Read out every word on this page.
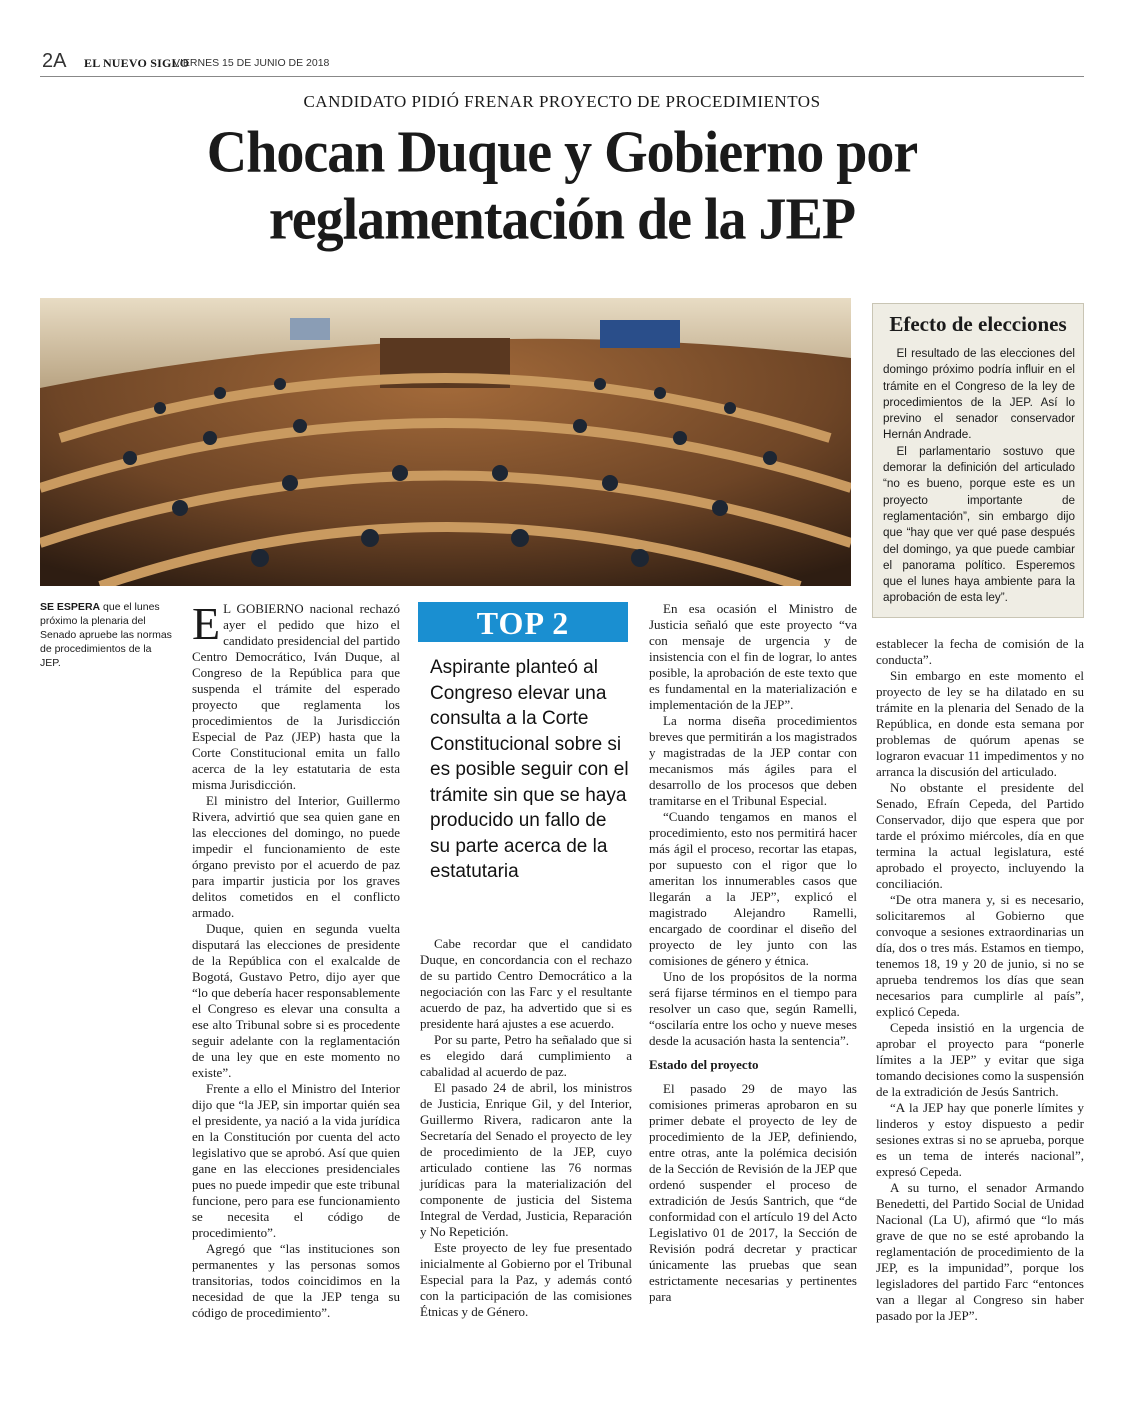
2A EL NUEVO SIGLO
VIERNES 15 DE JUNIO DE 2018
CANDIDATO PIDIÓ FRENAR PROYECTO DE PROCEDIMIENTOS
Chocan Duque y Gobierno por
reglamentación de la JEP
Efecto de elecciones

El resultado de las elecciones del domingo próximo podría influir en el trámite en el Congreso de la ley de procedimientos de la JEP. Así lo previno el senador conservador Hernán Andrade.

El parlamentario sostuvo que demorar la definición del articulado “no es bueno, porque este es un proyecto importante de reglamentación”, sin embargo dijo que “hay que ver qué pase después del domingo, ya que puede cambiar el panorama político. Esperemos que el lunes haya ambiente para la aprobación de esta ley”.

SE ESPERA que el lunes próximo la plenaria del Senado apruebe las normas de procedimientos de la JEP.

E L GOBIERNO nacional rechazó ayer el pedido que hizo el candidato presidencial del partido Centro Democrático, Iván Duque, al Congreso de la República para que suspenda el trámite del esperado proyecto que reglamenta los procedimientos de la Jurisdicción Especial de Paz (JEP) hasta que la Corte Constitucional emita un fallo acerca de la ley estatutaria de esta misma Jurisdicción.

El ministro del Interior, Guillermo Rivera, advirtió que sea quien gane en las elecciones del domingo, no puede impedir el funcionamiento de este órgano previsto por el acuerdo de paz para impartir justicia por los graves delitos cometidos en el conflicto armado.

Duque, quien en segunda vuelta disputará las elecciones de presidente de la República con el exalcalde de Bogotá, Gustavo Petro, dijo ayer que “lo que debería hacer responsablemente el Congreso es elevar una consulta a ese alto Tribunal sobre si es procedente seguir adelante con la reglamentación de una ley que en este momento no existe”.

Frente a ello el Ministro del Interior dijo que “la JEP, sin importar quién sea el presidente, ya nació a la vida jurídica en la Constitución por cuenta del acto legislativo que se aprobó. Así que quien gane en las elecciones presidenciales pues no puede impedir que este tribunal funcione, pero para ese funcionamiento se necesita el código de procedimiento”.

Agregó que “las instituciones son permanentes y las personas somos transitorias, todos coincidimos en la necesidad de que la JEP tenga su código de procedimiento”.

TOP 2
Aspirante planteó al Congreso elevar una consulta a la Corte Constitucional sobre si es posible seguir con el trámite sin que se haya producido un fallo de su parte acerca de la estatutaria

Cabe recordar que el candidato Duque, en concordancia con el rechazo de su partido Centro Democrático a la negociación con las Farc y el resultante acuerdo de paz, ha advertido que si es presidente hará ajustes a ese acuerdo.

Por su parte, Petro ha señalado que si es elegido dará cumplimiento a cabalidad al acuerdo de paz.

El pasado 24 de abril, los ministros de Justicia, Enrique Gil, y del Interior, Guillermo Rivera, radicaron ante la Secretaría del Senado el proyecto de ley de procedimiento de la JEP, cuyo articulado contiene las 76 normas jurídicas para la materialización del componente de justicia del Sistema Integral de Verdad, Justicia, Reparación y No Repetición.

Este proyecto de ley fue presentado inicialmente al Gobierno por el Tribunal Especial para la Paz, y además contó con la participación de las comisiones Étnicas y de Género.

En esa ocasión el Ministro de Justicia señaló que este proyecto “va con mensaje de urgencia y de insistencia con el fin de lograr, lo antes posible, la aprobación de este texto que es fundamental en la materialización e implementación de la JEP”.

La norma diseña procedimientos breves que permitirán a los magistrados y magistradas de la JEP contar con mecanismos más ágiles para el desarrollo de los procesos que deben tramitarse en el Tribunal Especial.

“Cuando tengamos en manos el procedimiento, esto nos permitirá hacer más ágil el proceso, recortar las etapas, por supuesto con el rigor que lo ameritan los innumerables casos que llegarán a la JEP”, explicó el magistrado Alejandro Ramelli, encargado de coordinar el diseño del proyecto de ley junto con las comisiones de género y étnica.

Uno de los propósitos de la norma será fijarse términos en el tiempo para resolver un caso que, según Ramelli, “oscilaría entre los ocho y nueve meses desde la acusación hasta la sentencia”.

Estado del proyecto

El pasado 29 de mayo las comisiones primeras aprobaron en su primer debate el proyecto de ley de procedimiento de la JEP, definiendo, entre otras, ante la polémica decisión de la Sección de Revisión de la JEP que ordenó suspender el proceso de extradición de Jesús Santrich, que “de conformidad con el artículo 19 del Acto Legislativo 01 de 2017, la Sección de Revisión podrá decretar y practicar únicamente las pruebas que sean estrictamente necesarias y pertinentes para

establecer la fecha de comisión de la conducta”.

Sin embargo en este momento el proyecto de ley se ha dilatado en su trámite en la plenaria del Senado de la República, en donde esta semana por problemas de quórum apenas se lograron evacuar 11 impedimentos y no arranca la discusión del articulado.

No obstante el presidente del Senado, Efraín Cepeda, del Partido Conservador, dijo que espera que por tarde el próximo miércoles, día en que termina la actual legislatura, esté aprobado el proyecto, incluyendo la conciliación.

“De otra manera y, si es necesario, solicitaremos al Gobierno que convoque a sesiones extraordinarias un día, dos o tres más. Estamos en tiempo, tenemos 18, 19 y 20 de junio, si no se aprueba tendremos los días que sean necesarios para cumplirle al país”, explicó Cepeda.

Cepeda insistió en la urgencia de aprobar el proyecto para “ponerle límites a la JEP” y evitar que siga tomando decisiones como la suspensión de la extradición de Jesús Santrich.

“A la JEP hay que ponerle límites y linderos y estoy dispuesto a pedir sesiones extras si no se aprueba, porque es un tema de interés nacional”, expresó Cepeda.

A su turno, el senador Armando Benedetti, del Partido Social de Unidad Nacional (La U), afirmó que “lo más grave de que no se esté aprobando la reglamentación de procedimiento de la JEP, es la impunidad”, porque los legisladores del partido Farc “entonces van a llegar al Congreso sin haber pasado por la JEP”.
